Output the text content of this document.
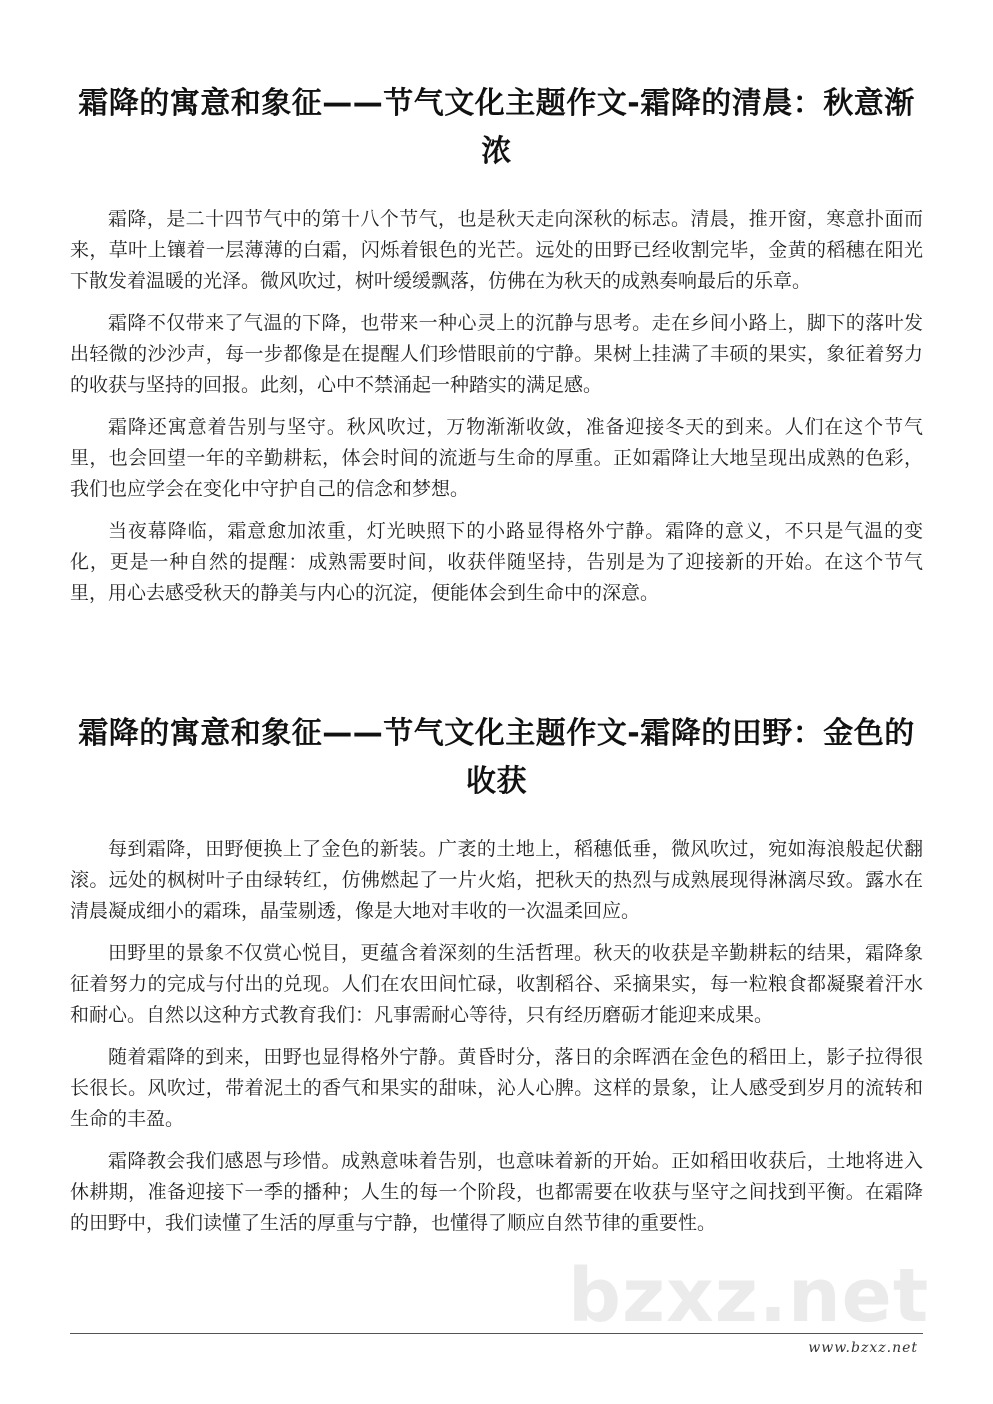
霜降的寓意和象征——节气文化主题作文-霜降的清晨：秋意渐浓

霜降，是二十四节气中的第十八个节气，也是秋天走向深秋的标志。清晨，推开窗，寒意扑面而来，草叶上镶着一层薄薄的白霜，闪烁着银色的光芒。远处的田野已经收割完毕，金黄的稻穗在阳光下散发着温暖的光泽。微风吹过，树叶缓缓飘落，仿佛在为秋天的成熟奏响最后的乐章。

霜降不仅带来了气温的下降，也带来一种心灵上的沉静与思考。走在乡间小路上，脚下的落叶发出轻微的沙沙声，每一步都像是在提醒人们珍惜眼前的宁静。果树上挂满了丰硕的果实，象征着努力的收获与坚持的回报。此刻，心中不禁涌起一种踏实的满足感。

霜降还寓意着告别与坚守。秋风吹过，万物渐渐收敛，准备迎接冬天的到来。人们在这个节气里，也会回望一年的辛勤耕耘，体会时间的流逝与生命的厚重。正如霜降让大地呈现出成熟的色彩，我们也应学会在变化中守护自己的信念和梦想。

当夜幕降临，霜意愈加浓重，灯光映照下的小路显得格外宁静。霜降的意义，不只是气温的变化，更是一种自然的提醒：成熟需要时间，收获伴随坚持，告别是为了迎接新的开始。在这个节气里，用心去感受秋天的静美与内心的沉淀，便能体会到生命中的深意。

霜降的寓意和象征——节气文化主题作文-霜降的田野：金色的收获

每到霜降，田野便换上了金色的新装。广袤的土地上，稻穗低垂，微风吹过，宛如海浪般起伏翻滚。远处的枫树叶子由绿转红，仿佛燃起了一片火焰，把秋天的热烈与成熟展现得淋漓尽致。露水在清晨凝成细小的霜珠，晶莹剔透，像是大地对丰收的一次温柔回应。

田野里的景象不仅赏心悦目，更蕴含着深刻的生活哲理。秋天的收获是辛勤耕耘的结果，霜降象征着努力的完成与付出的兑现。人们在农田间忙碌，收割稻谷、采摘果实，每一粒粮食都凝聚着汗水和耐心。自然以这种方式教育我们：凡事需耐心等待，只有经历磨砺才能迎来成果。

随着霜降的到来，田野也显得格外宁静。黄昏时分，落日的余晖洒在金色的稻田上，影子拉得很长很长。风吹过，带着泥土的香气和果实的甜味，沁人心脾。这样的景象，让人感受到岁月的流转和生命的丰盈。

霜降教会我们感恩与珍惜。成熟意味着告别，也意味着新的开始。正如稻田收获后，土地将进入休耕期，准备迎接下一季的播种；人生的每一个阶段，也都需要在收获与坚守之间找到平衡。在霜降的田野中，我们读懂了生活的厚重与宁静，也懂得了顺应自然节律的重要性。

bzxz.net
www.bzxz.net
